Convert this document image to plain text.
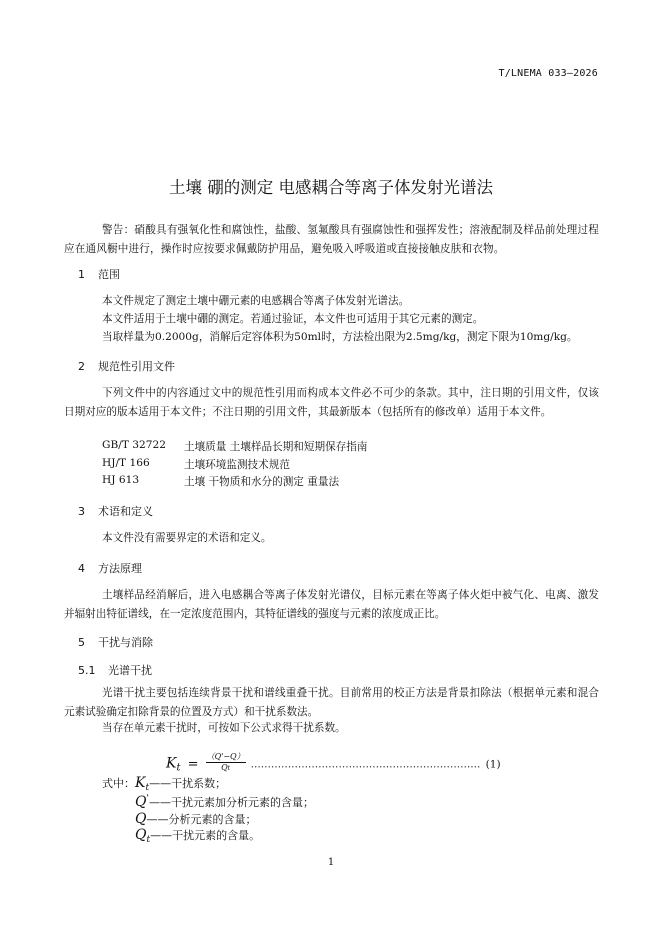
T/LNEMA 033—2026
土壤 硼的测定 电感耦合等离子体发射光谱法
警告：硝酸具有强氧化性和腐蚀性，盐酸、氢氟酸具有强腐蚀性和强挥发性；溶液配制及样品前处理过程应在通风橱中进行，操作时应按要求佩戴防护用品，避免吸入呼吸道或直接接触皮肤和衣物。
1 范围
本文件规定了测定土壤中硼元素的电感耦合等离子体发射光谱法。
本文件适用于土壤中硼的测定。若通过验证，本文件也可适用于其它元素的测定。
当取样量为0.2000g，消解后定容体积为50ml时，方法检出限为2.5mg/kg，测定下限为10mg/kg。
2 规范性引用文件
下列文件中的内容通过文中的规范性引用而构成本文件必不可少的条款。其中，注日期的引用文件，仅该日期对应的版本适用于本文件；不注日期的引用文件，其最新版本（包括所有的修改单）适用于本文件。
GB/T 32722 土壤质量 土壤样品长期和短期保存指南
HJ/T 166	土壤环境监测技术规范
HJ 613	土壤 干物质和水分的测定 重量法
3 术语和定义
本文件没有需要界定的术语和定义。
4 方法原理
土壤样品经消解后，进入电感耦合等离子体发射光谱仪，目标元素在等离子体火炬中被气化、电离、激发并辐射出特征谱线，在一定浓度范围内，其特征谱线的强度与元素的浓度成正比。
5 干扰与消除
5.1 光谱干扰
光谱干扰主要包括连续背景干扰和谱线重叠干扰。目前常用的校正方法是背景扣除法（根据单元素和混合元素试验确定扣除背景的位置及方式）和干扰系数法。
当存在单元素干扰时，可按如下公式求得干扰系数。
$K_t = \frac{(Q'-Q)}{Qt}$ .................................................................... (1)
式中：$K_t——$干扰系数；
Q'——干扰元素加分析元素的含量；
Q——分析元素的含量；
$Q_t——$干扰元素的含量。
1
